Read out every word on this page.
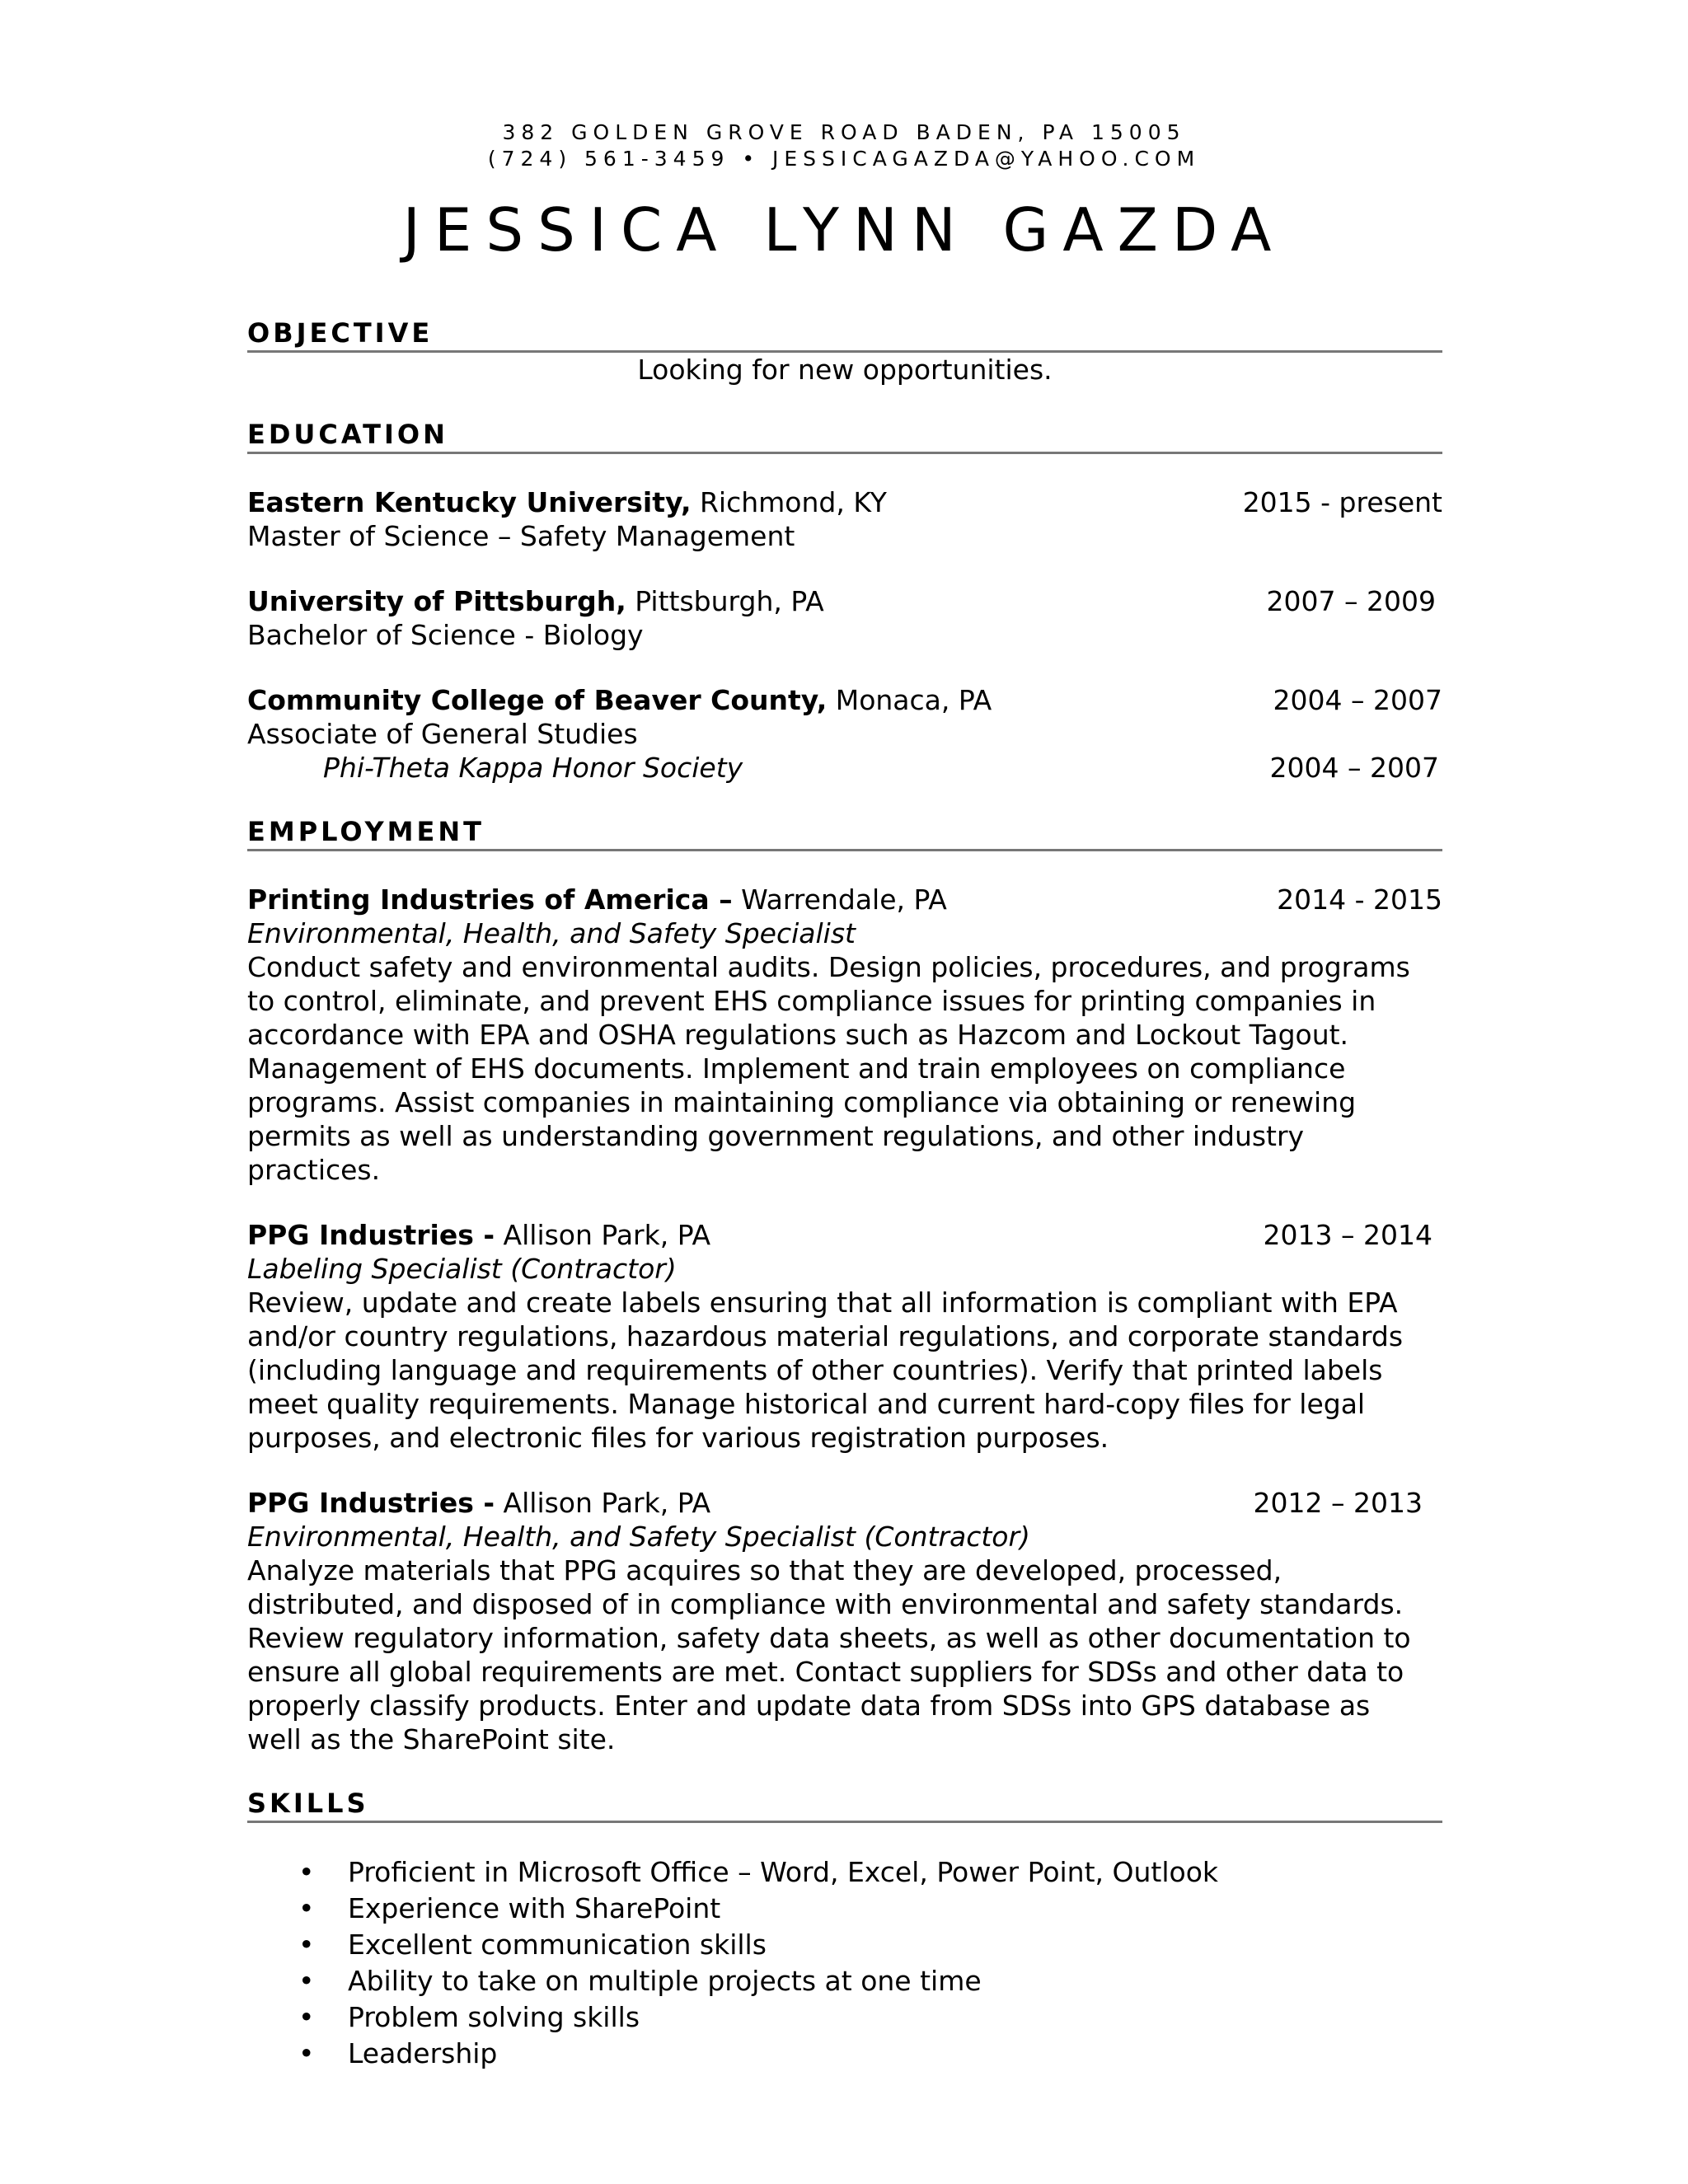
382 GOLDEN GROVE ROAD BADEN, PA 15005
(724) 561-3459 • JESSICAGAZDA@YAHOO.COM
JESSICA LYNN GAZDA
OBJECTIVE
Looking for new opportunities.
EDUCATION
Eastern Kentucky University, Richmond, KY	2015 - present
Master of Science – Safety Management
University of Pittsburgh, Pittsburgh, PA	2007 – 2009
Bachelor of Science - Biology
Community College of Beaver County, Monaca, PA	2004 – 2007
Associate of General Studies
Phi-Theta Kappa Honor Society	2004 – 2007
EMPLOYMENT
Printing Industries of America – Warrendale, PA	2014 - 2015
Environmental, Health, and Safety Specialist
Conduct safety and environmental audits. Design policies, procedures, and programs
to control, eliminate, and prevent EHS compliance issues for printing companies in
accordance with EPA and OSHA regulations such as Hazcom and Lockout Tagout.
Management of EHS documents. Implement and train employees on compliance
programs. Assist companies in maintaining compliance via obtaining or renewing
permits as well as understanding government regulations, and other industry
practices.
PPG Industries - Allison Park, PA	2013 – 2014
Labeling Specialist (Contractor)
Review, update and create labels ensuring that all information is compliant with EPA
and/or country regulations, hazardous material regulations, and corporate standards
(including language and requirements of other countries). Verify that printed labels
meet quality requirements. Manage historical and current hard-copy files for legal
purposes, and electronic files for various registration purposes.
PPG Industries - Allison Park, PA	2012 – 2013
Environmental, Health, and Safety Specialist (Contractor)
Analyze materials that PPG acquires so that they are developed, processed,
distributed, and disposed of in compliance with environmental and safety standards.
Review regulatory information, safety data sheets, as well as other documentation to
ensure all global requirements are met. Contact suppliers for SDSs and other data to
properly classify products. Enter and update data from SDSs into GPS database as
well as the SharePoint site.
SKILLS
• Proficient in Microsoft Office – Word, Excel, Power Point, Outlook
• Experience with SharePoint
• Excellent communication skills
• Ability to take on multiple projects at one time
• Problem solving skills
• Leadership
